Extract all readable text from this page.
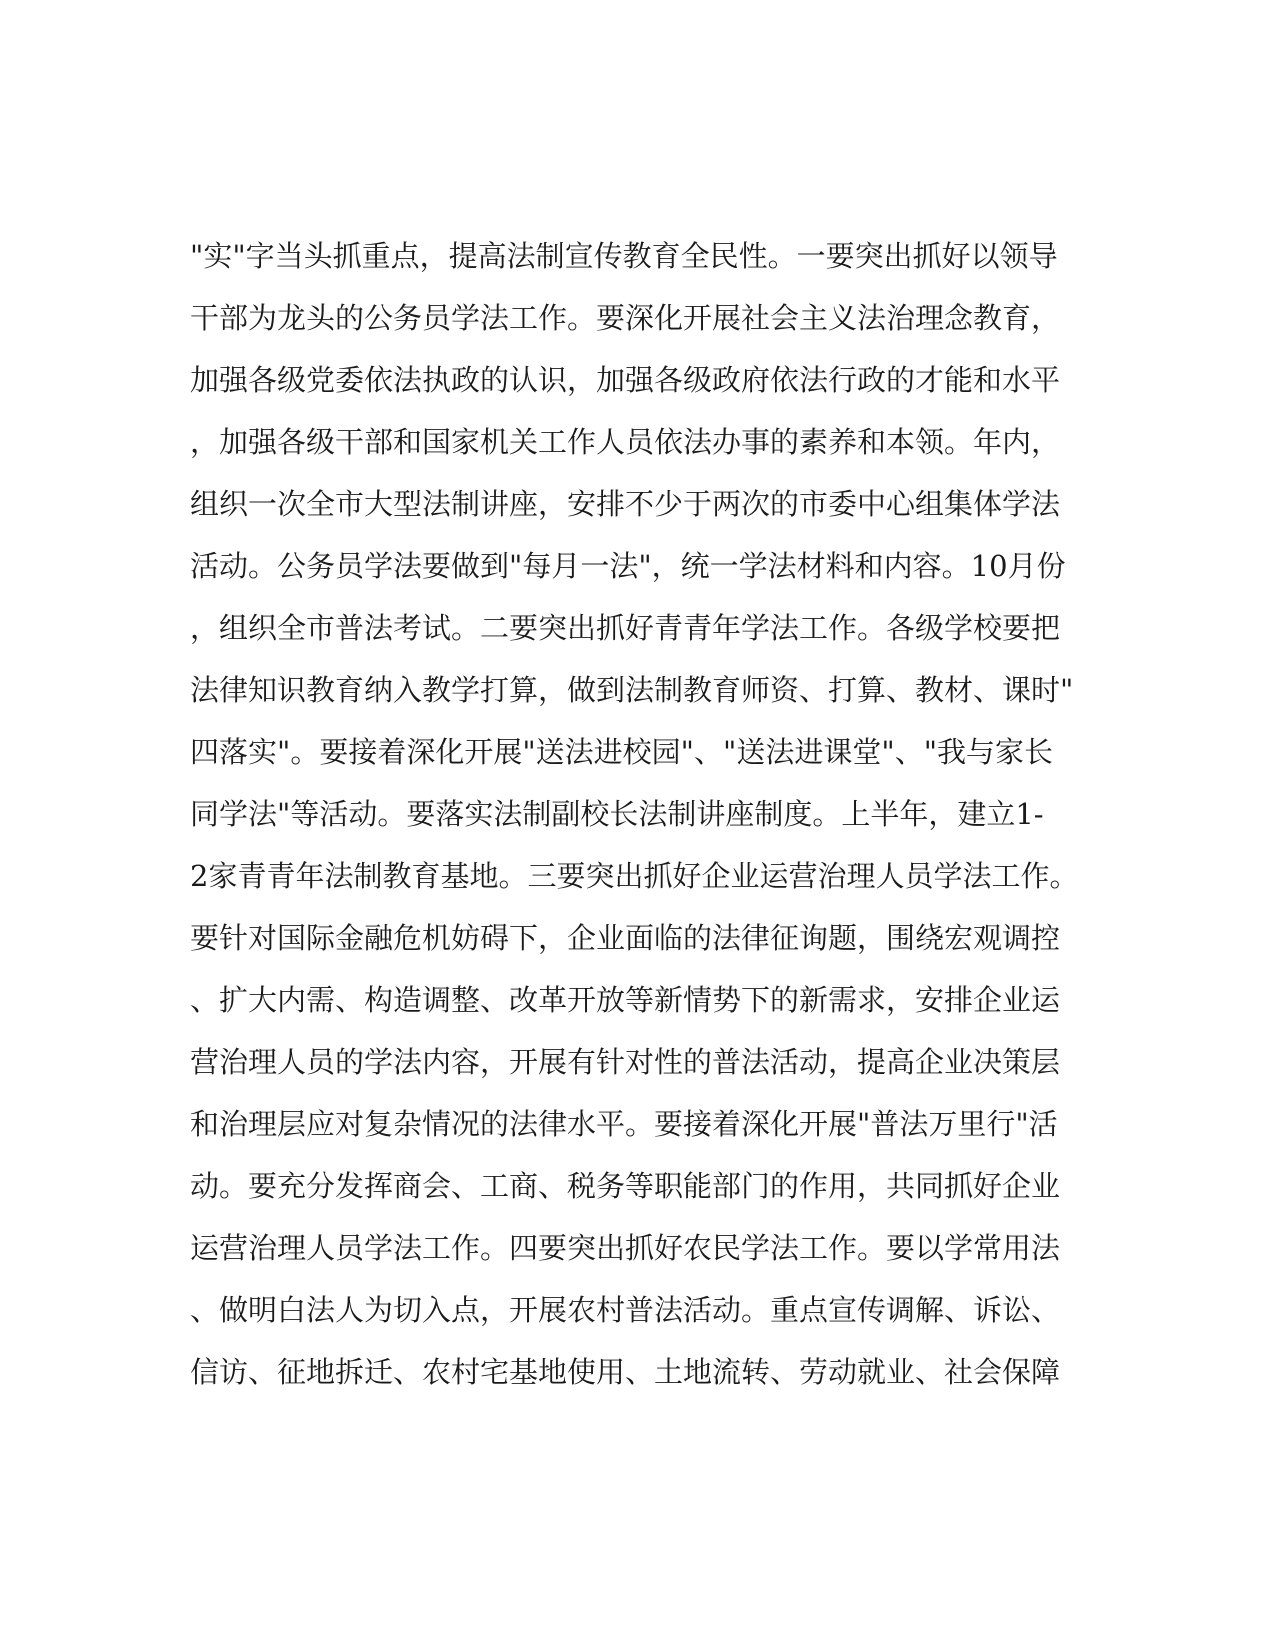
"实"字当头抓重点，提高法制宣传教育全民性。一要突出抓好以领导
干部为龙头的公务员学法工作。要深化开展社会主义法治理念教育，
加强各级党委依法执政的认识，加强各级政府依法行政的才能和水平
，加强各级干部和国家机关工作人员依法办事的素养和本领。年内，
组织一次全市大型法制讲座，安排不少于两次的市委中心组集体学法
活动。公务员学法要做到"每月一法"，统一学法材料和内容。10月份
，组织全市普法考试。二要突出抓好青青年学法工作。各级学校要把
法律知识教育纳入教学打算，做到法制教育师资、打算、教材、课时"
四落实"。要接着深化开展"送法进校园"、"送法进课堂"、"我与家长
同学法"等活动。要落实法制副校长法制讲座制度。上半年，建立1-
2家青青年法制教育基地。三要突出抓好企业运营治理人员学法工作。
要针对国际金融危机妨碍下，企业面临的法律征询题，围绕宏观调控
、扩大内需、构造调整、改革开放等新情势下的新需求，安排企业运
营治理人员的学法内容，开展有针对性的普法活动，提高企业决策层
和治理层应对复杂情况的法律水平。要接着深化开展"普法万里行"活
动。要充分发挥商会、工商、税务等职能部门的作用，共同抓好企业
运营治理人员学法工作。四要突出抓好农民学法工作。要以学常用法
、做明白法人为切入点，开展农村普法活动。重点宣传调解、诉讼、
信访、征地拆迁、农村宅基地使用、土地流转、劳动就业、社会保障
